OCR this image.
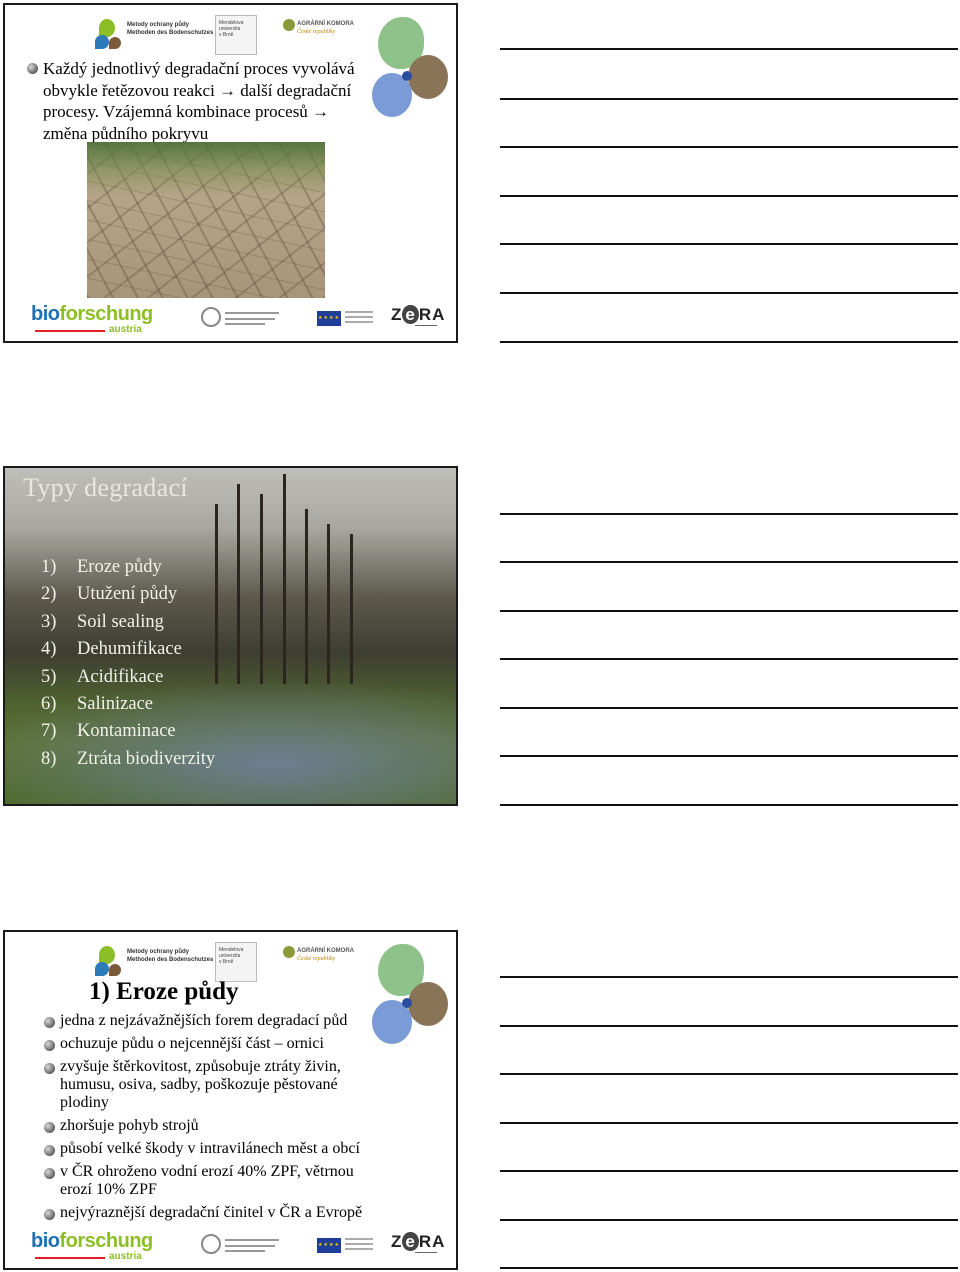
Metody ochrany půdy
Methoden des Bodenschutzes
Mendelova
univerzita
v Brně
AGRÁRNÍ KOMORA
České republiky
Každý jednotlivý degradační proces vyvolává
obvykle řetězovou reakci → další degradační
procesy. Vzájemná kombinace procesů →
změna půdního pokryvu
bioforschung
austria
★★★★	Z e RA
Typy degradací
1) Eroze půdy
2) Utužení půdy
3) Soil sealing
4) Dehumifikace
5) Acidifikace
6) Salinizace
7) Kontaminace
8) Ztráta biodiverzity
Metody ochrany půdy
Methoden des Bodenschutzes
Mendelova
univerzita
v Brně
AGRÁRNÍ KOMORA
České republiky
1) Eroze půdy
jedna z nejzávažnějších forem degradací půd
ochuzuje půdu o nejcennější část – ornici
zvyšuje štěrkovitost, způsobuje ztráty živin,
humusu, osiva, sadby, poškozuje pěstované
plodiny
zhoršuje pohyb strojů
působí velké škody v intravilánech měst a obcí
v ČR ohroženo vodní erozí 40% ZPF, větrnou
erozí 10% ZPF
nejvýraznější degradační činitel v ČR a Evropě
bioforschung
austria
★★★★	Z e RA
